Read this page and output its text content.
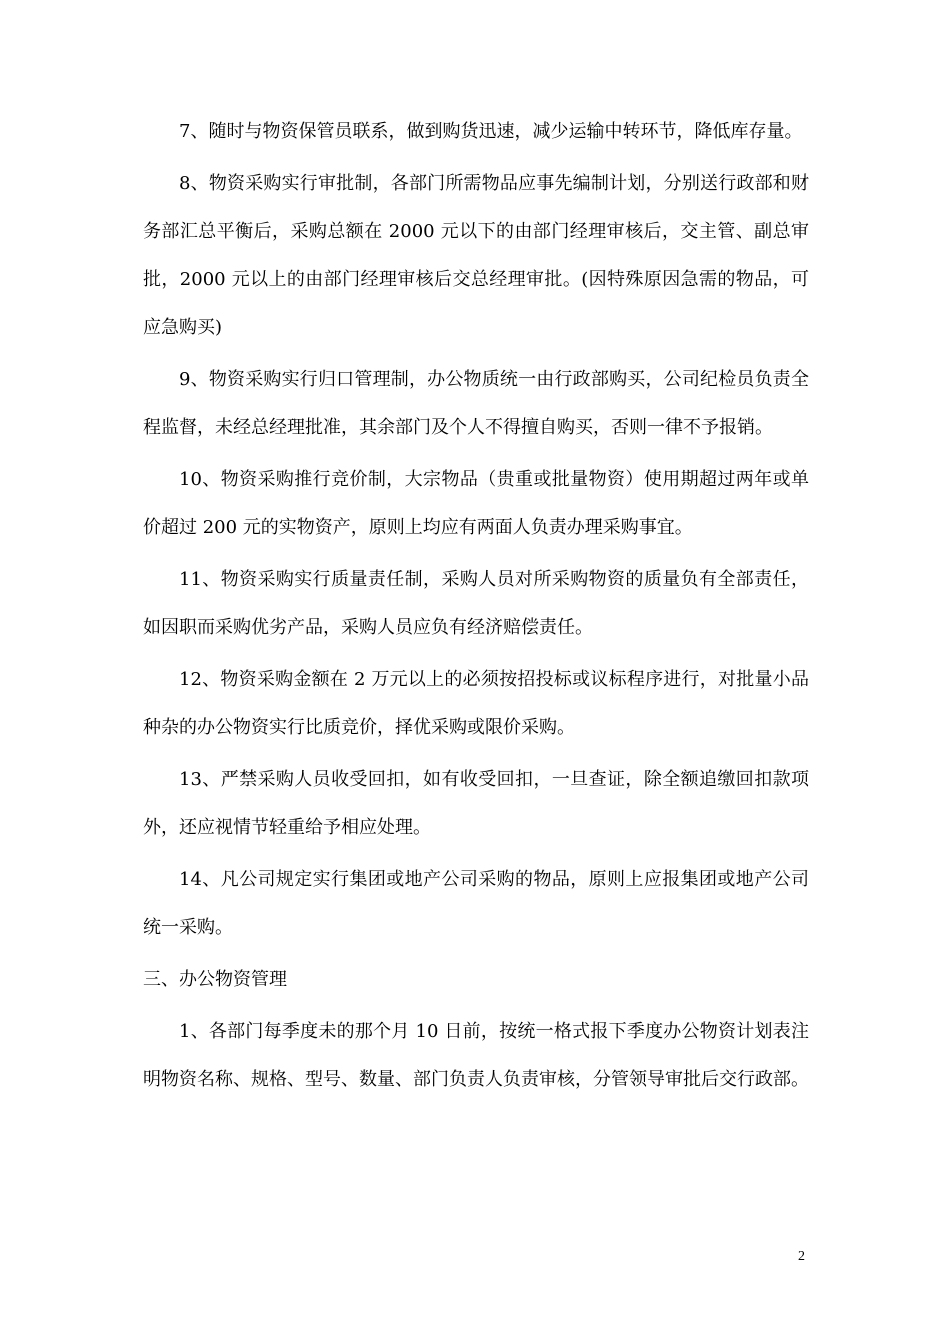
7、随时与物资保管员联系，做到购货迅速，减少运输中转环节，降低库存量。

8、物资采购实行审批制，各部门所需物品应事先编制计划，分别送行政部和财务部汇总平衡后，采购总额在 2000 元以下的由部门经理审核后，交主管、副总审批，2000 元以上的由部门经理审核后交总经理审批。(因特殊原因急需的物品，可应急购买)

9、物资采购实行归口管理制，办公物质统一由行政部购买，公司纪检员负责全程监督，未经总经理批准，其余部门及个人不得擅自购买，否则一律不予报销。

10、物资采购推行竞价制，大宗物品（贵重或批量物资）使用期超过两年或单价超过 200 元的实物资产，原则上均应有两面人负责办理采购事宜。

11、物资采购实行质量责任制，采购人员对所采购物资的质量负有全部责任，如因职而采购优劣产品，采购人员应负有经济赔偿责任。

12、物资采购金额在 2 万元以上的必须按招投标或议标程序进行，对批量小品种杂的办公物资实行比质竞价，择优采购或限价采购。

13、严禁采购人员收受回扣，如有收受回扣，一旦查证，除全额追缴回扣款项外，还应视情节轻重给予相应处理。

14、凡公司规定实行集团或地产公司采购的物品，原则上应报集团或地产公司统一采购。

三、办公物资管理

1、各部门每季度未的那个月 10 日前，按统一格式报下季度办公物资计划表注明物资名称、规格、型号、数量、部门负责人负责审核，分管领导审批后交行政部。

2
